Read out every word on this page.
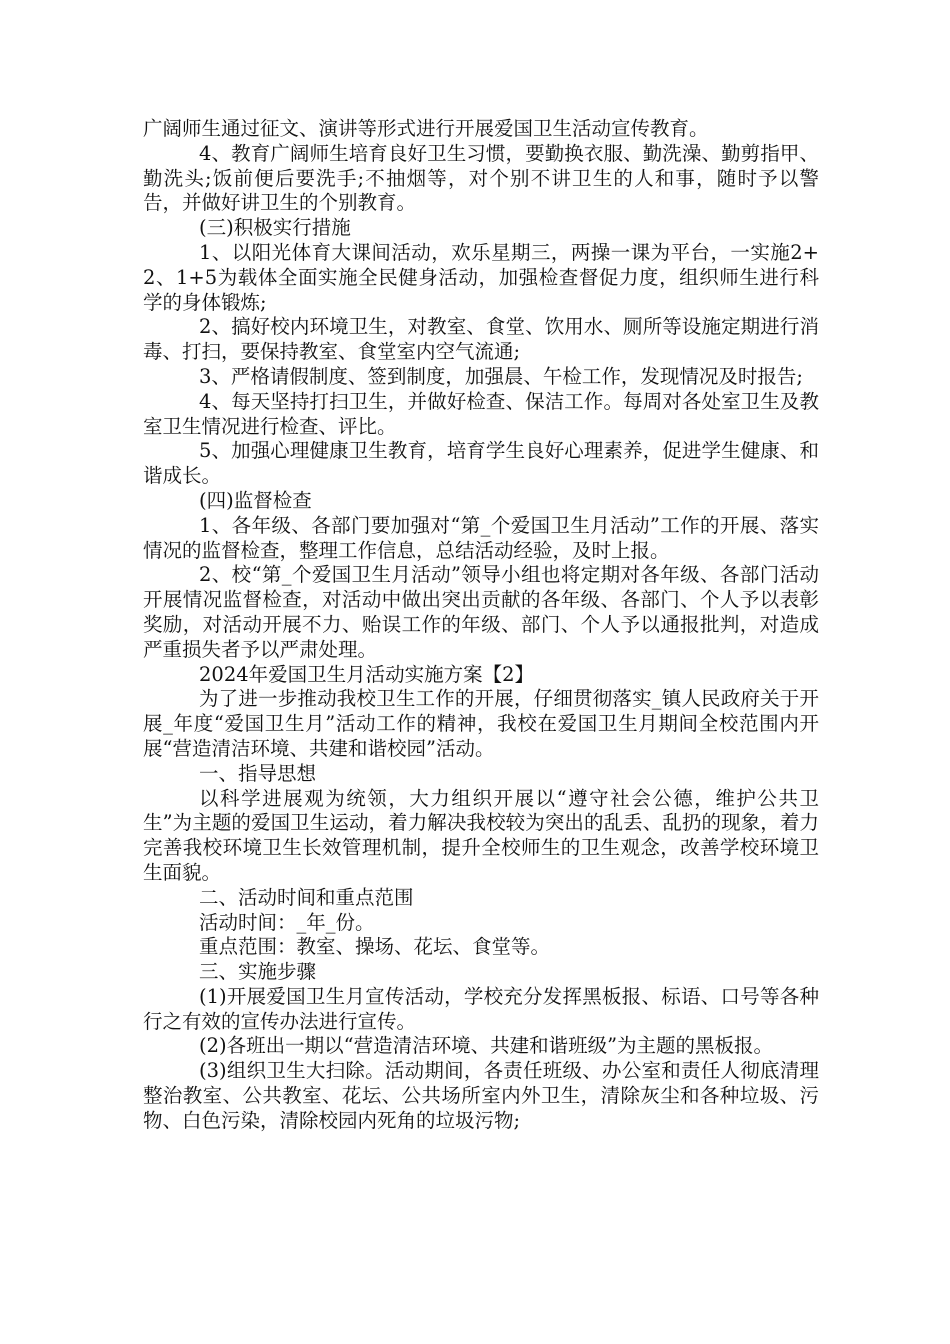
广阔师生通过征文、演讲等形式进行开展爱国卫生活动宣传教育。

4、教育广阔师生培育良好卫生习惯，要勤换衣服、勤洗澡、勤剪指甲、勤洗头;饭前便后要洗手;不抽烟等，对个别不讲卫生的人和事，随时予以警告，并做好讲卫生的个别教育。

(三)积极实行措施

1、以阳光体育大课间活动，欢乐星期三，两操一课为平台，一实施2+2、1+5为载体全面实施全民健身活动，加强检查督促力度，组织师生进行科学的身体锻炼;

2、搞好校内环境卫生，对教室、食堂、饮用水、厕所等设施定期进行消毒、打扫，要保持教室、食堂室内空气流通;

3、严格请假制度、签到制度，加强晨、午检工作，发现情况及时报告;

4、每天坚持打扫卫生，并做好检查、保洁工作。每周对各处室卫生及教室卫生情况进行检查、评比。

5、加强心理健康卫生教育，培育学生良好心理素养，促进学生健康、和谐成长。

(四)监督检查

1、各年级、各部门要加强对“第_个爱国卫生月活动”工作的开展、落实情况的监督检查，整理工作信息，总结活动经验，及时上报。

2、校“第_个爱国卫生月活动”领导小组也将定期对各年级、各部门活动开展情况监督检查，对活动中做出突出贡献的各年级、各部门、个人予以表彰奖励，对活动开展不力、贻误工作的年级、部门、个人予以通报批判，对造成严重损失者予以严肃处理。

2024年爱国卫生月活动实施方案【2】

为了进一步推动我校卫生工作的开展，仔细贯彻落实_镇人民政府关于开展_年度“爱国卫生月”活动工作的精神，我校在爱国卫生月期间全校范围内开展“营造清洁环境、共建和谐校园”活动。

一、指导思想

以科学进展观为统领，大力组织开展以“遵守社会公德，维护公共卫生”为主题的爱国卫生运动，着力解决我校较为突出的乱丢、乱扔的现象，着力完善我校环境卫生长效管理机制，提升全校师生的卫生观念，改善学校环境卫生面貌。

二、活动时间和重点范围

活动时间：_年_份。

重点范围：教室、操场、花坛、食堂等。

三、实施步骤

(1)开展爱国卫生月宣传活动，学校充分发挥黑板报、标语、口号等各种行之有效的宣传办法进行宣传。

(2)各班出一期以“营造清洁环境、共建和谐班级”为主题的黑板报。

(3)组织卫生大扫除。活动期间，各责任班级、办公室和责任人彻底清理整治教室、公共教室、花坛、公共场所室内外卫生，清除灰尘和各种垃圾、污物、白色污染，清除校园内死角的垃圾污物;
